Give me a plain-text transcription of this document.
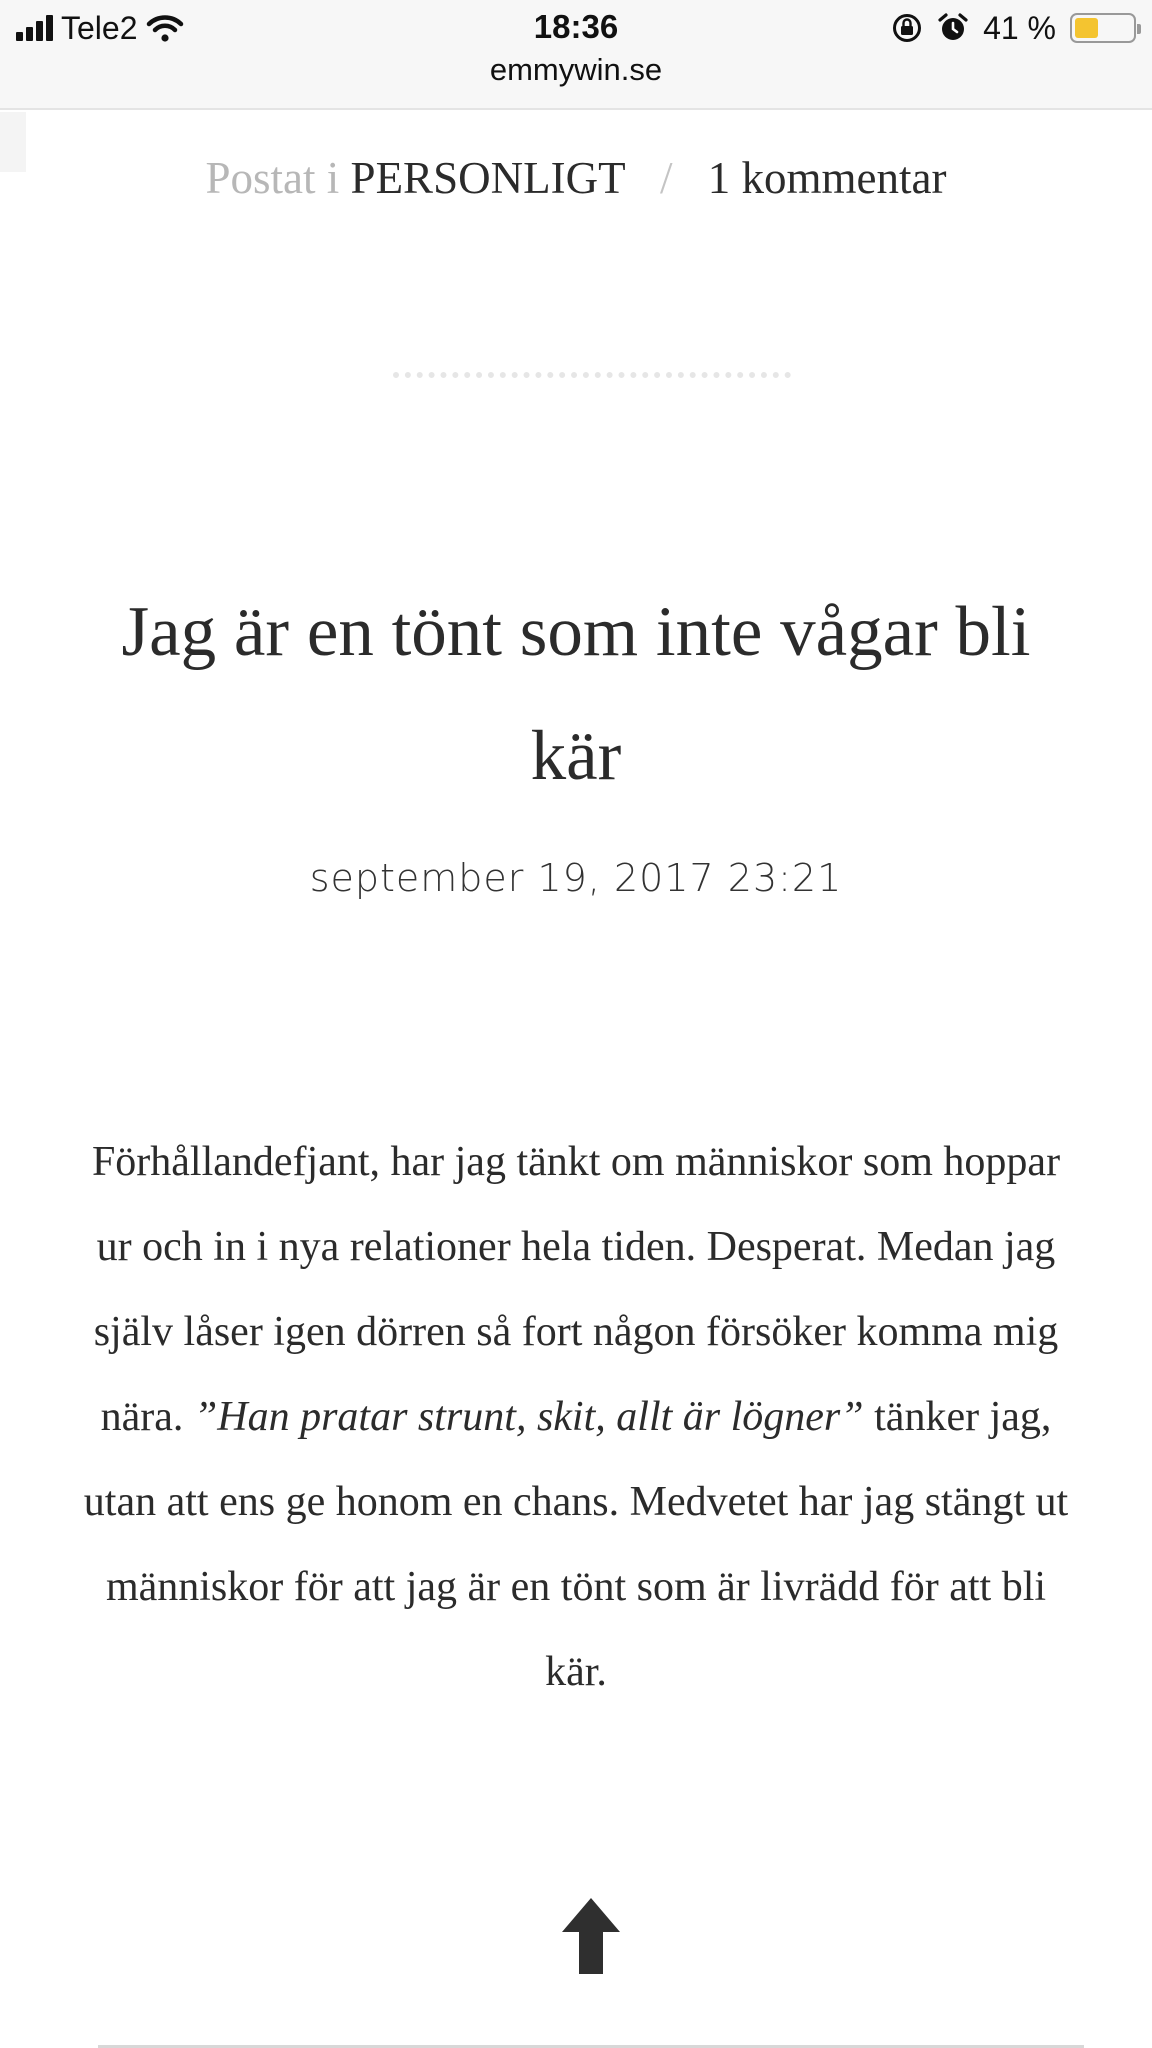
Tele2	18:36
emmywin.se
41 %
Postat i PERSONLIGT / 1 kommentar
Jag är en tönt som inte vågar bli kär
september 19, 2017 23:21

Förhållandefjant, har jag tänkt om människor som hoppar ur och in i nya relationer hela tiden. Desperat. Medan jag själv låser igen dörren så fort någon försöker komma mig nära. ”Han pratar strunt, skit, allt är lögner” tänker jag, utan att ens ge honom en chans. Medvetet har jag stängt ut människor för att jag är en tönt som är livrädd för att bli kär.
